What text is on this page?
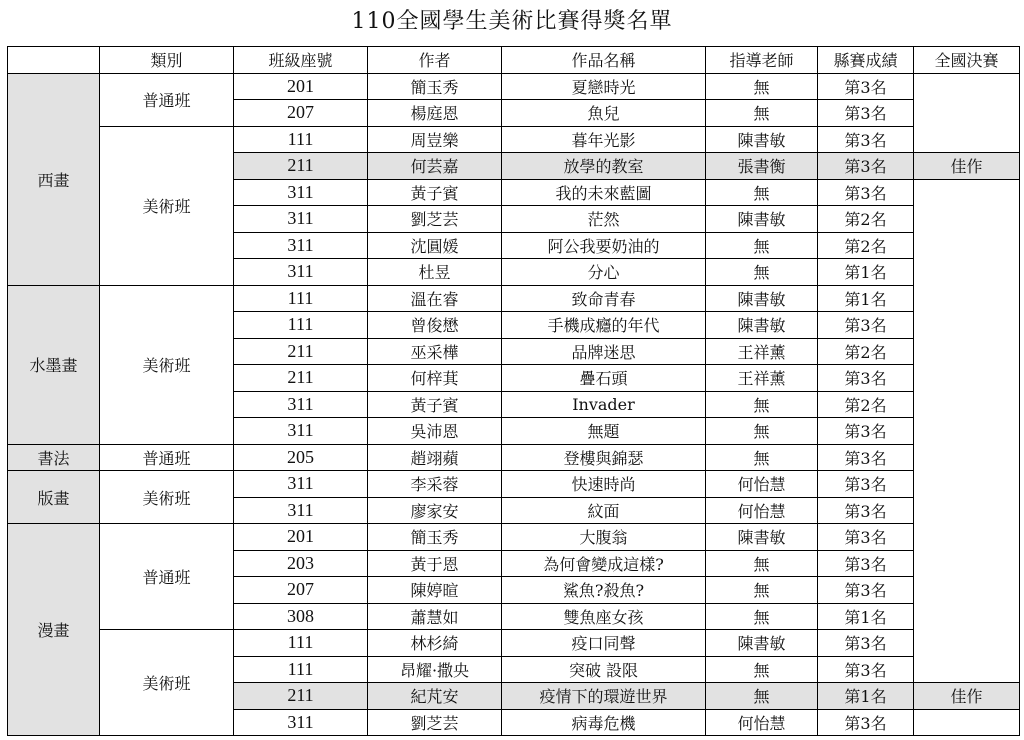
110全國學生美術比賽得獎名單
	類別	班級座號	作者	作品名稱	指導老師	縣賽成績	全國決賽
西畫	普通班	201	簡玉秀	夏戀時光	無	第3名	
		207	楊庭恩	魚兒	無	第3名	
	美術班	111	周豈樂	暮年光影	陳書敏	第3名	
		211	何芸嘉	放學的教室	張書衡	第3名	佳作
		311	黃子賓	我的未來藍圖	無	第3名	
		311	劉芝芸	茫然	陳書敏	第2名	
		311	沈圓媛	阿公我要奶油的	無	第2名	
		311	杜昱	分心	無	第1名	
水墨畫	美術班	111	溫在睿	致命青春	陳書敏	第1名	
		111	曾俊懋	手機成癮的年代	陳書敏	第3名	
		211	巫采樺	品牌迷思	王祥薰	第2名	
		211	何梓萁	疊石頭	王祥薰	第3名	
		311	黃子賓	Invader	無	第2名	
		311	吳沛恩	無題	無	第3名	
書法	普通班	205	趙翊蘋	登樓與錦瑟	無	第3名	
版畫	美術班	311	李采蓉	快速時尚	何怡慧	第3名	
		311	廖家安	紋面	何怡慧	第3名	
漫畫	普通班	201	簡玉秀	大腹翁	陳書敏	第3名	
		203	黃于恩	為何會變成這樣?	無	第3名	
		207	陳婷暄	鯊魚?殺魚?	無	第3名	
		308	蕭慧如	雙魚座女孩	無	第1名	
	美術班	111	林杉綺	疫口同聲	陳書敏	第3名	
		111	昂耀·撒央	突破 設限	無	第3名	
		211	紀芃安	疫情下的環遊世界	無	第1名	佳作
		311	劉芝芸	病毒危機	何怡慧	第3名	
